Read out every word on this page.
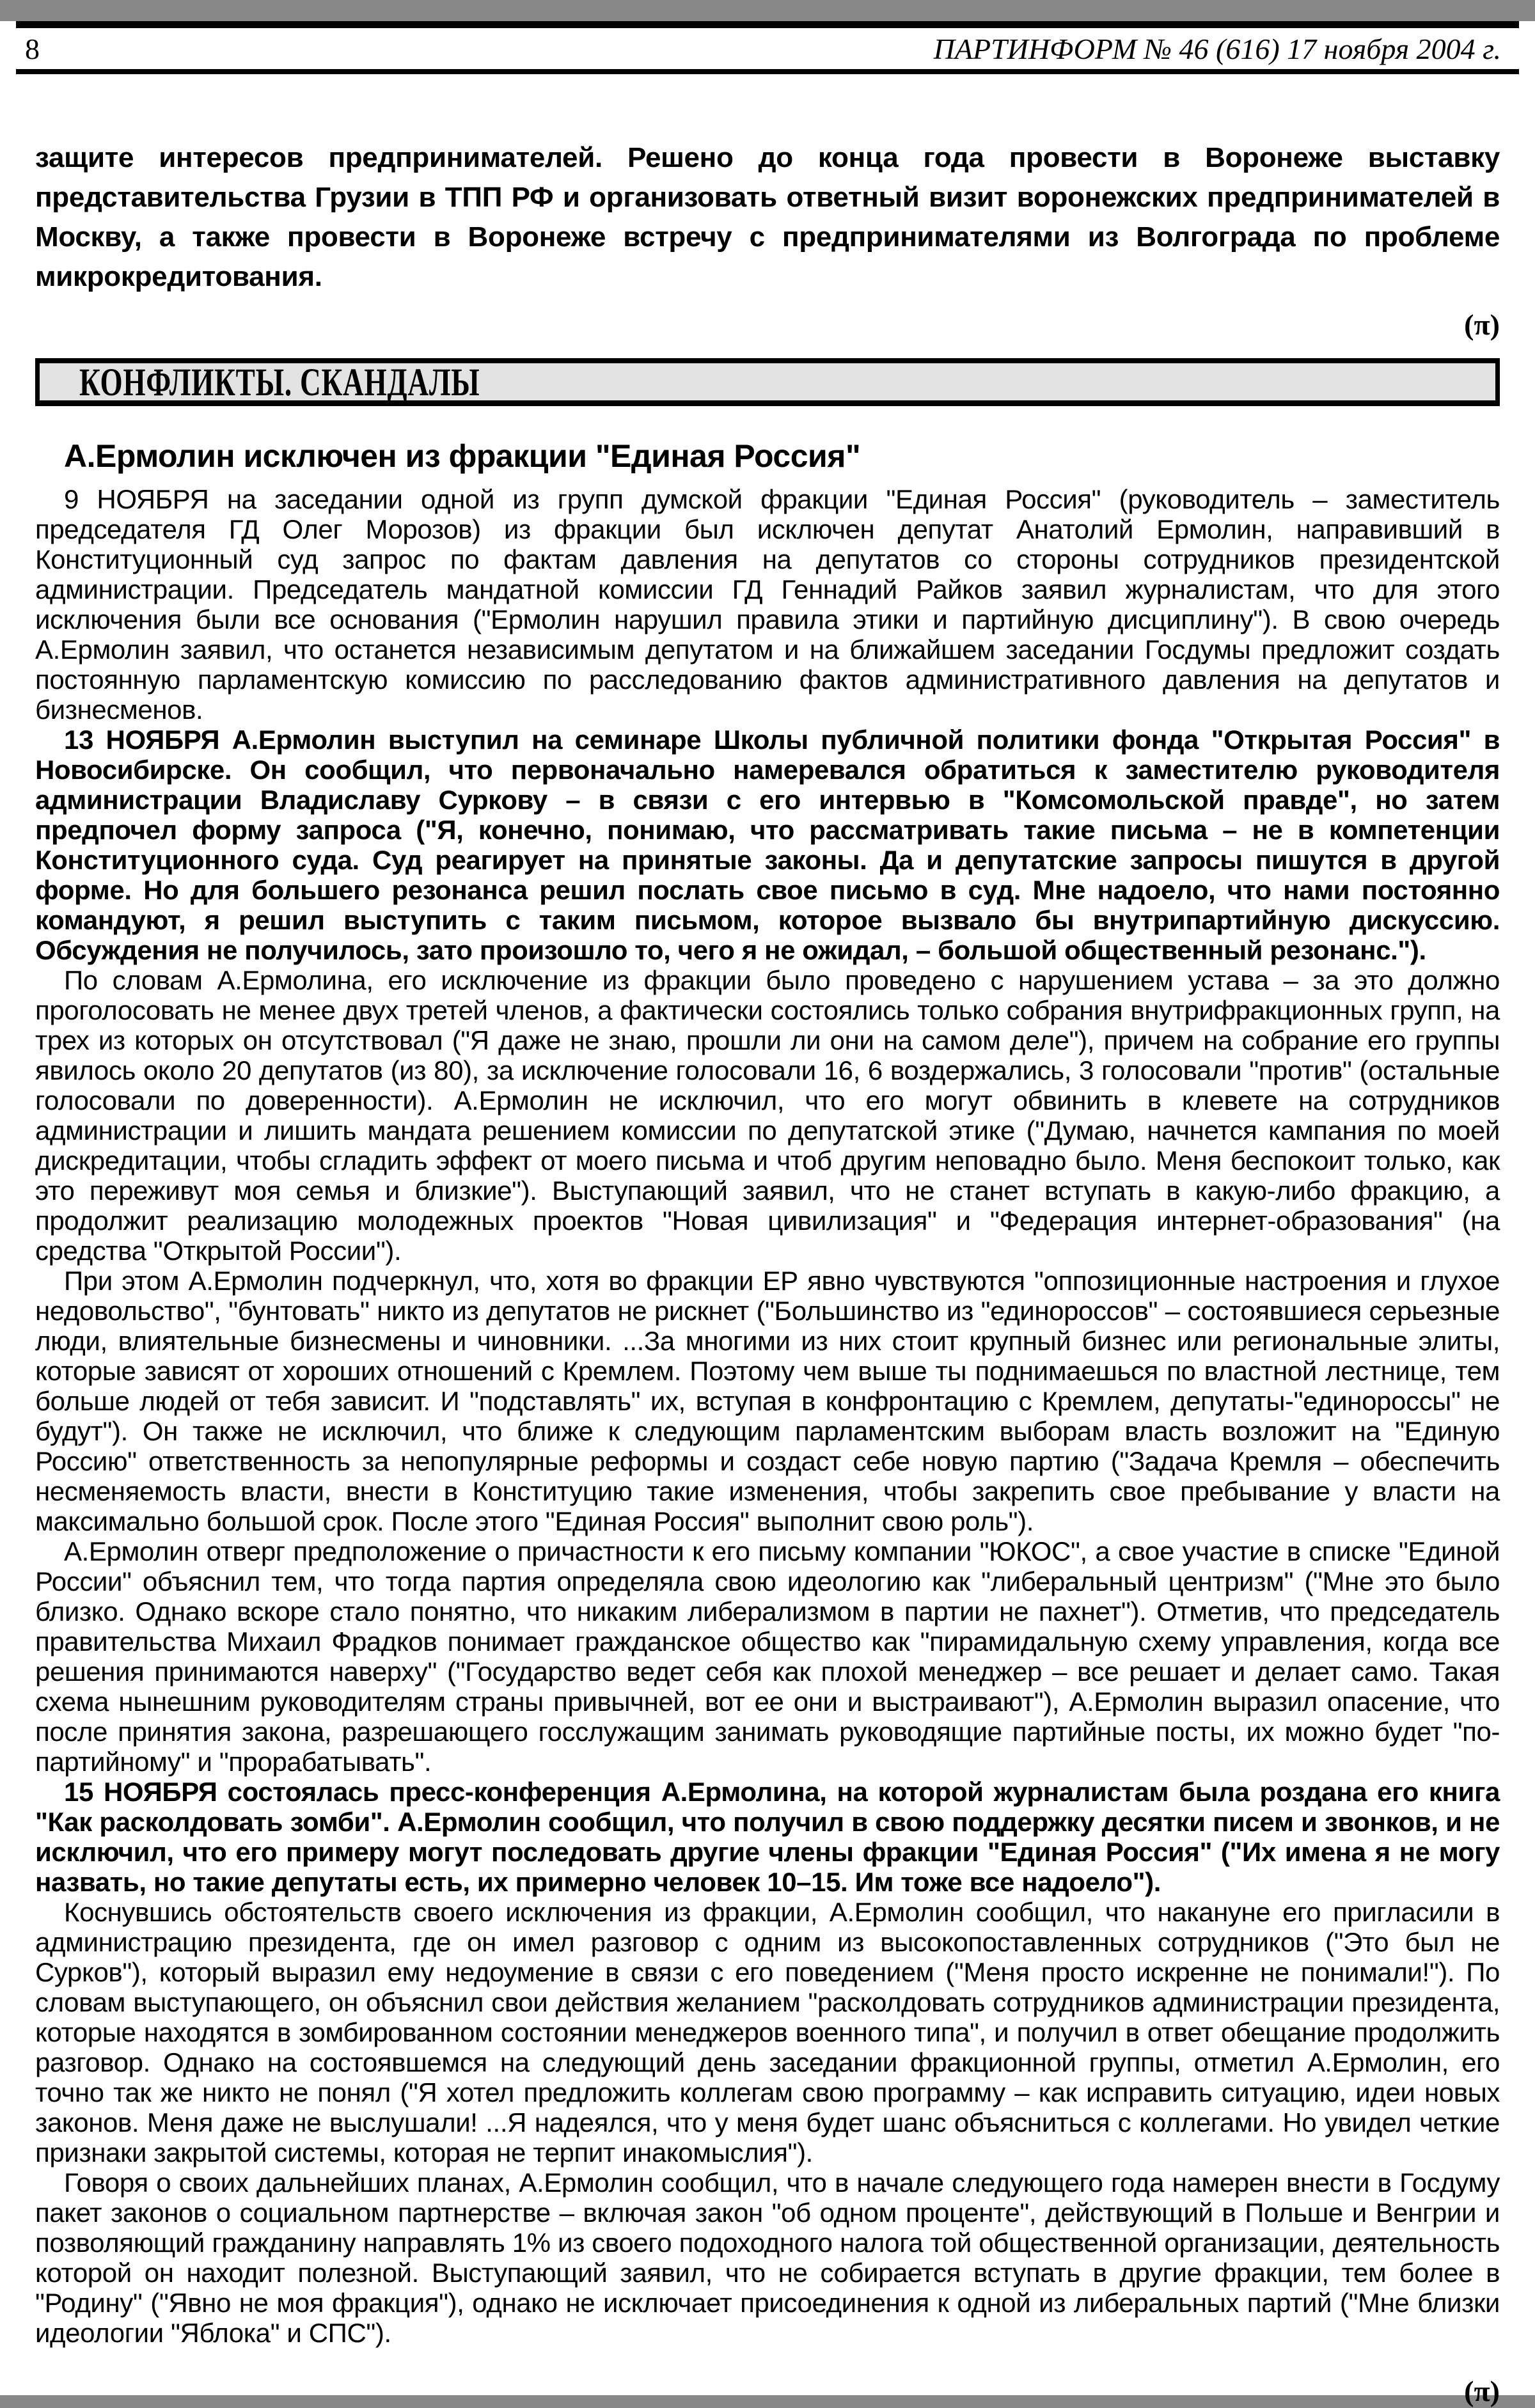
8	ПАРТИНФОРМ № 46 (616) 17 ноября 2004 г.

защите интересов предпринимателей. Решено до конца года провести в Воронеже выставку представительства Грузии в ТПП РФ и организовать ответный визит воронежских предпринимателей в Москву, а также провести в Воронеже встречу с предпринимателями из Волгограда по проблеме микрокредитования.

(π)
КОНФЛИКТЫ. СКАНДАЛЫ
А.Ермолин исключен из фракции "Единая Россия"

9 НОЯБРЯ на заседании одной из групп думской фракции "Единая Россия" (руководитель – заместитель председателя ГД Олег Морозов) из фракции был исключен депутат Анатолий Ермолин, направивший в Конституционный суд запрос по фактам давления на депутатов со стороны сотрудников президентской администрации. Председатель мандатной комиссии ГД Геннадий Райков заявил журналистам, что для этого исключения были все основания ("Ермолин нарушил правила этики и партийную дисциплину"). В свою очередь А.Ермолин заявил, что останется независимым депутатом и на ближайшем заседании Госдумы предложит создать постоянную парламентскую комиссию по расследованию фактов административного давления на депутатов и бизнесменов.

13 НОЯБРЯ А.Ермолин выступил на семинаре Школы публичной политики фонда "Открытая Россия" в Новосибирске. Он сообщил, что первоначально намеревался обратиться к заместителю руководителя администрации Владиславу Суркову – в связи с его интервью в "Комсомольской правде", но затем предпочел форму запроса ("Я, конечно, понимаю, что рассматривать такие письма – не в компетенции Конституционного суда. Суд реагирует на принятые законы. Да и депутатские запросы пишутся в другой форме. Но для большего резонанса решил послать свое письмо в суд. Мне надоело, что нами постоянно командуют, я решил выступить с таким письмом, которое вызвало бы внутрипартийную дискуссию. Обсуждения не получилось, зато произошло то, чего я не ожидал, – большой общественный резонанс.").

По словам А.Ермолина, его исключение из фракции было проведено с нарушением устава – за это должно проголосовать не менее двух третей членов, а фактически состоялись только собрания внутрифракционных групп, на трех из которых он отсутствовал ("Я даже не знаю, прошли ли они на самом деле"), причем на собрание его группы явилось около 20 депутатов (из 80), за исключение голосовали 16, 6 воздержались, 3 голосовали "против" (остальные голосовали по доверенности). А.Ермолин не исключил, что его могут обвинить в клевете на сотрудников администрации и лишить мандата решением комиссии по депутатской этике ("Думаю, начнется кампания по моей дискредитации, чтобы сгладить эффект от моего письма и чтоб другим неповадно было. Меня беспокоит только, как это переживут моя семья и близкие"). Выступающий заявил, что не станет вступать в какую-либо фракцию, а продолжит реализацию молодежных проектов "Новая цивилизация" и "Федерация интернет-образования" (на средства "Открытой России").

При этом А.Ермолин подчеркнул, что, хотя во фракции ЕР явно чувствуются "оппозиционные настроения и глухое недовольство", "бунтовать" никто из депутатов не рискнет ("Большинство из "единороссов" – состоявшиеся серьезные люди, влиятельные бизнесмены и чиновники. ...За многими из них стоит крупный бизнес или региональные элиты, которые зависят от хороших отношений с Кремлем. Поэтому чем выше ты поднимаешься по властной лестнице, тем больше людей от тебя зависит. И "подставлять" их, вступая в конфронтацию с Кремлем, депутаты-"единороссы" не будут"). Он также не исключил, что ближе к следующим парламентским выборам власть возложит на "Единую Россию" ответственность за непопулярные реформы и создаст себе новую партию ("Задача Кремля – обеспечить несменяемость власти, внести в Конституцию такие изменения, чтобы закрепить свое пребывание у власти на максимально большой срок. После этого "Единая Россия" выполнит свою роль").

А.Ермолин отверг предположение о причастности к его письму компании "ЮКОС", а свое участие в списке "Единой России" объяснил тем, что тогда партия определяла свою идеологию как "либеральный центризм" ("Мне это было близко. Однако вскоре стало понятно, что никаким либерализмом в партии не пахнет"). Отметив, что председатель правительства Михаил Фрадков понимает гражданское общество как "пирамидальную схему управления, когда все решения принимаются наверху" ("Государство ведет себя как плохой менеджер – все решает и делает само. Такая схема нынешним руководителям страны привычней, вот ее они и выстраивают"), А.Ермолин выразил опасение, что после принятия закона, разрешающего госслужащим занимать руководящие партийные посты, их можно будет "по-партийному" и "прорабатывать".

15 НОЯБРЯ состоялась пресс-конференция А.Ермолина, на которой журналистам была роздана его книга "Как расколдовать зомби". А.Ермолин сообщил, что получил в свою поддержку десятки писем и звонков, и не исключил, что его примеру могут последовать другие члены фракции "Единая Россия" ("Их имена я не могу назвать, но такие депутаты есть, их примерно человек 10–15. Им тоже все надоело").

Коснувшись обстоятельств своего исключения из фракции, А.Ермолин сообщил, что накануне его пригласили в администрацию президента, где он имел разговор с одним из высокопоставленных сотрудников ("Это был не Сурков"), который выразил ему недоумение в связи с его поведением ("Меня просто искренне не понимали!"). По словам выступающего, он объяснил свои действия желанием "расколдовать сотрудников администрации президента, которые находятся в зомбированном состоянии менеджеров военного типа", и получил в ответ обещание продолжить разговор. Однако на состоявшемся на следующий день заседании фракционной группы, отметил А.Ермолин, его точно так же никто не понял ("Я хотел предложить коллегам свою программу – как исправить ситуацию, идеи новых законов. Меня даже не выслушали! ...Я надеялся, что у меня будет шанс объясниться с коллегами. Но увидел четкие признаки закрытой системы, которая не терпит инакомыслия").

Говоря о своих дальнейших планах, А.Ермолин сообщил, что в начале следующего года намерен внести в Госдуму пакет законов о социальном партнерстве – включая закон "об одном проценте", действующий в Польше и Венгрии и позволяющий гражданину направлять 1% из своего подоходного налога той общественной организации, деятельность которой он находит полезной. Выступающий заявил, что не собирается вступать в другие фракции, тем более в "Родину" ("Явно не моя фракция"), однако не исключает присоединения к одной из либеральных партий ("Мне близки идеологии "Яблока" и СПС").

(π)
